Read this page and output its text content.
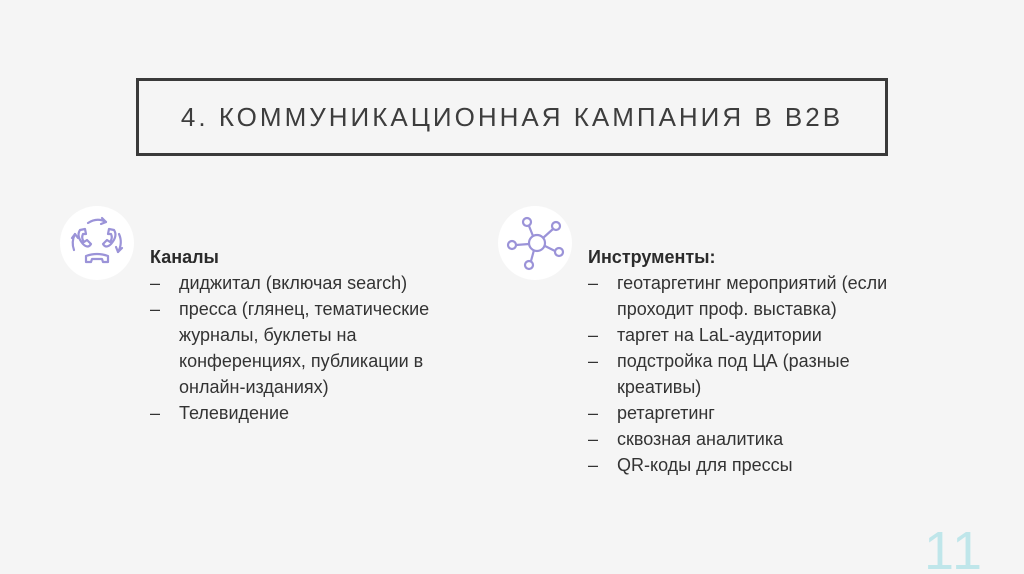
4. КОММУНИКАЦИОННАЯ КАМПАНИЯ В B2B

Каналы

– диджитал (включая search)
– пресса (глянец, тематические журналы, буклеты на конференциях, публикации в онлайн-изданиях)
– Телевидение

Инструменты:

– геотаргетинг мероприятий (если проходит проф. выставка)
– таргет на LaL-аудитории
– подстройка под ЦА (разные креативы)
– ретаргетинг
– сквозная аналитика
– QR-коды для прессы
11
